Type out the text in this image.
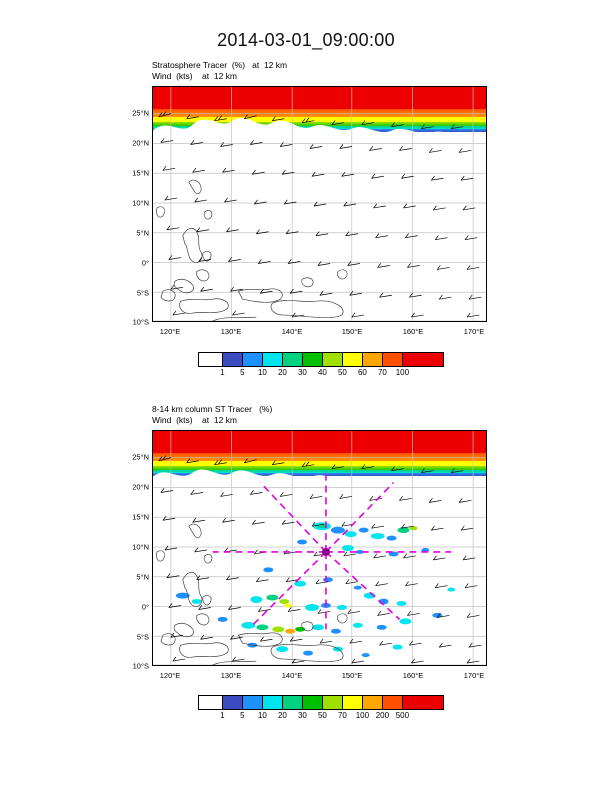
2014-03-01_09:00:00
Stratosphere Tracer  (%)   at  12 km
Wind  (kts)    at  12 km
25°N
20°N
15°N
10°N
5°N
0°
5°S
10°S
120°E	130°E	140°E	150°E	160°E	170°E
1 5 10 20 30 40 50 60 70 100
8-14 km column ST Tracer   (%)
Wind  (kts)    at  12 km
25°N
20°N
15°N
10°N
5°N
0°
5°S
10°S
120°E	130°E	140°E	150°E	160°E	170°E
1 5 10 20 30 50 70 100 200 500
